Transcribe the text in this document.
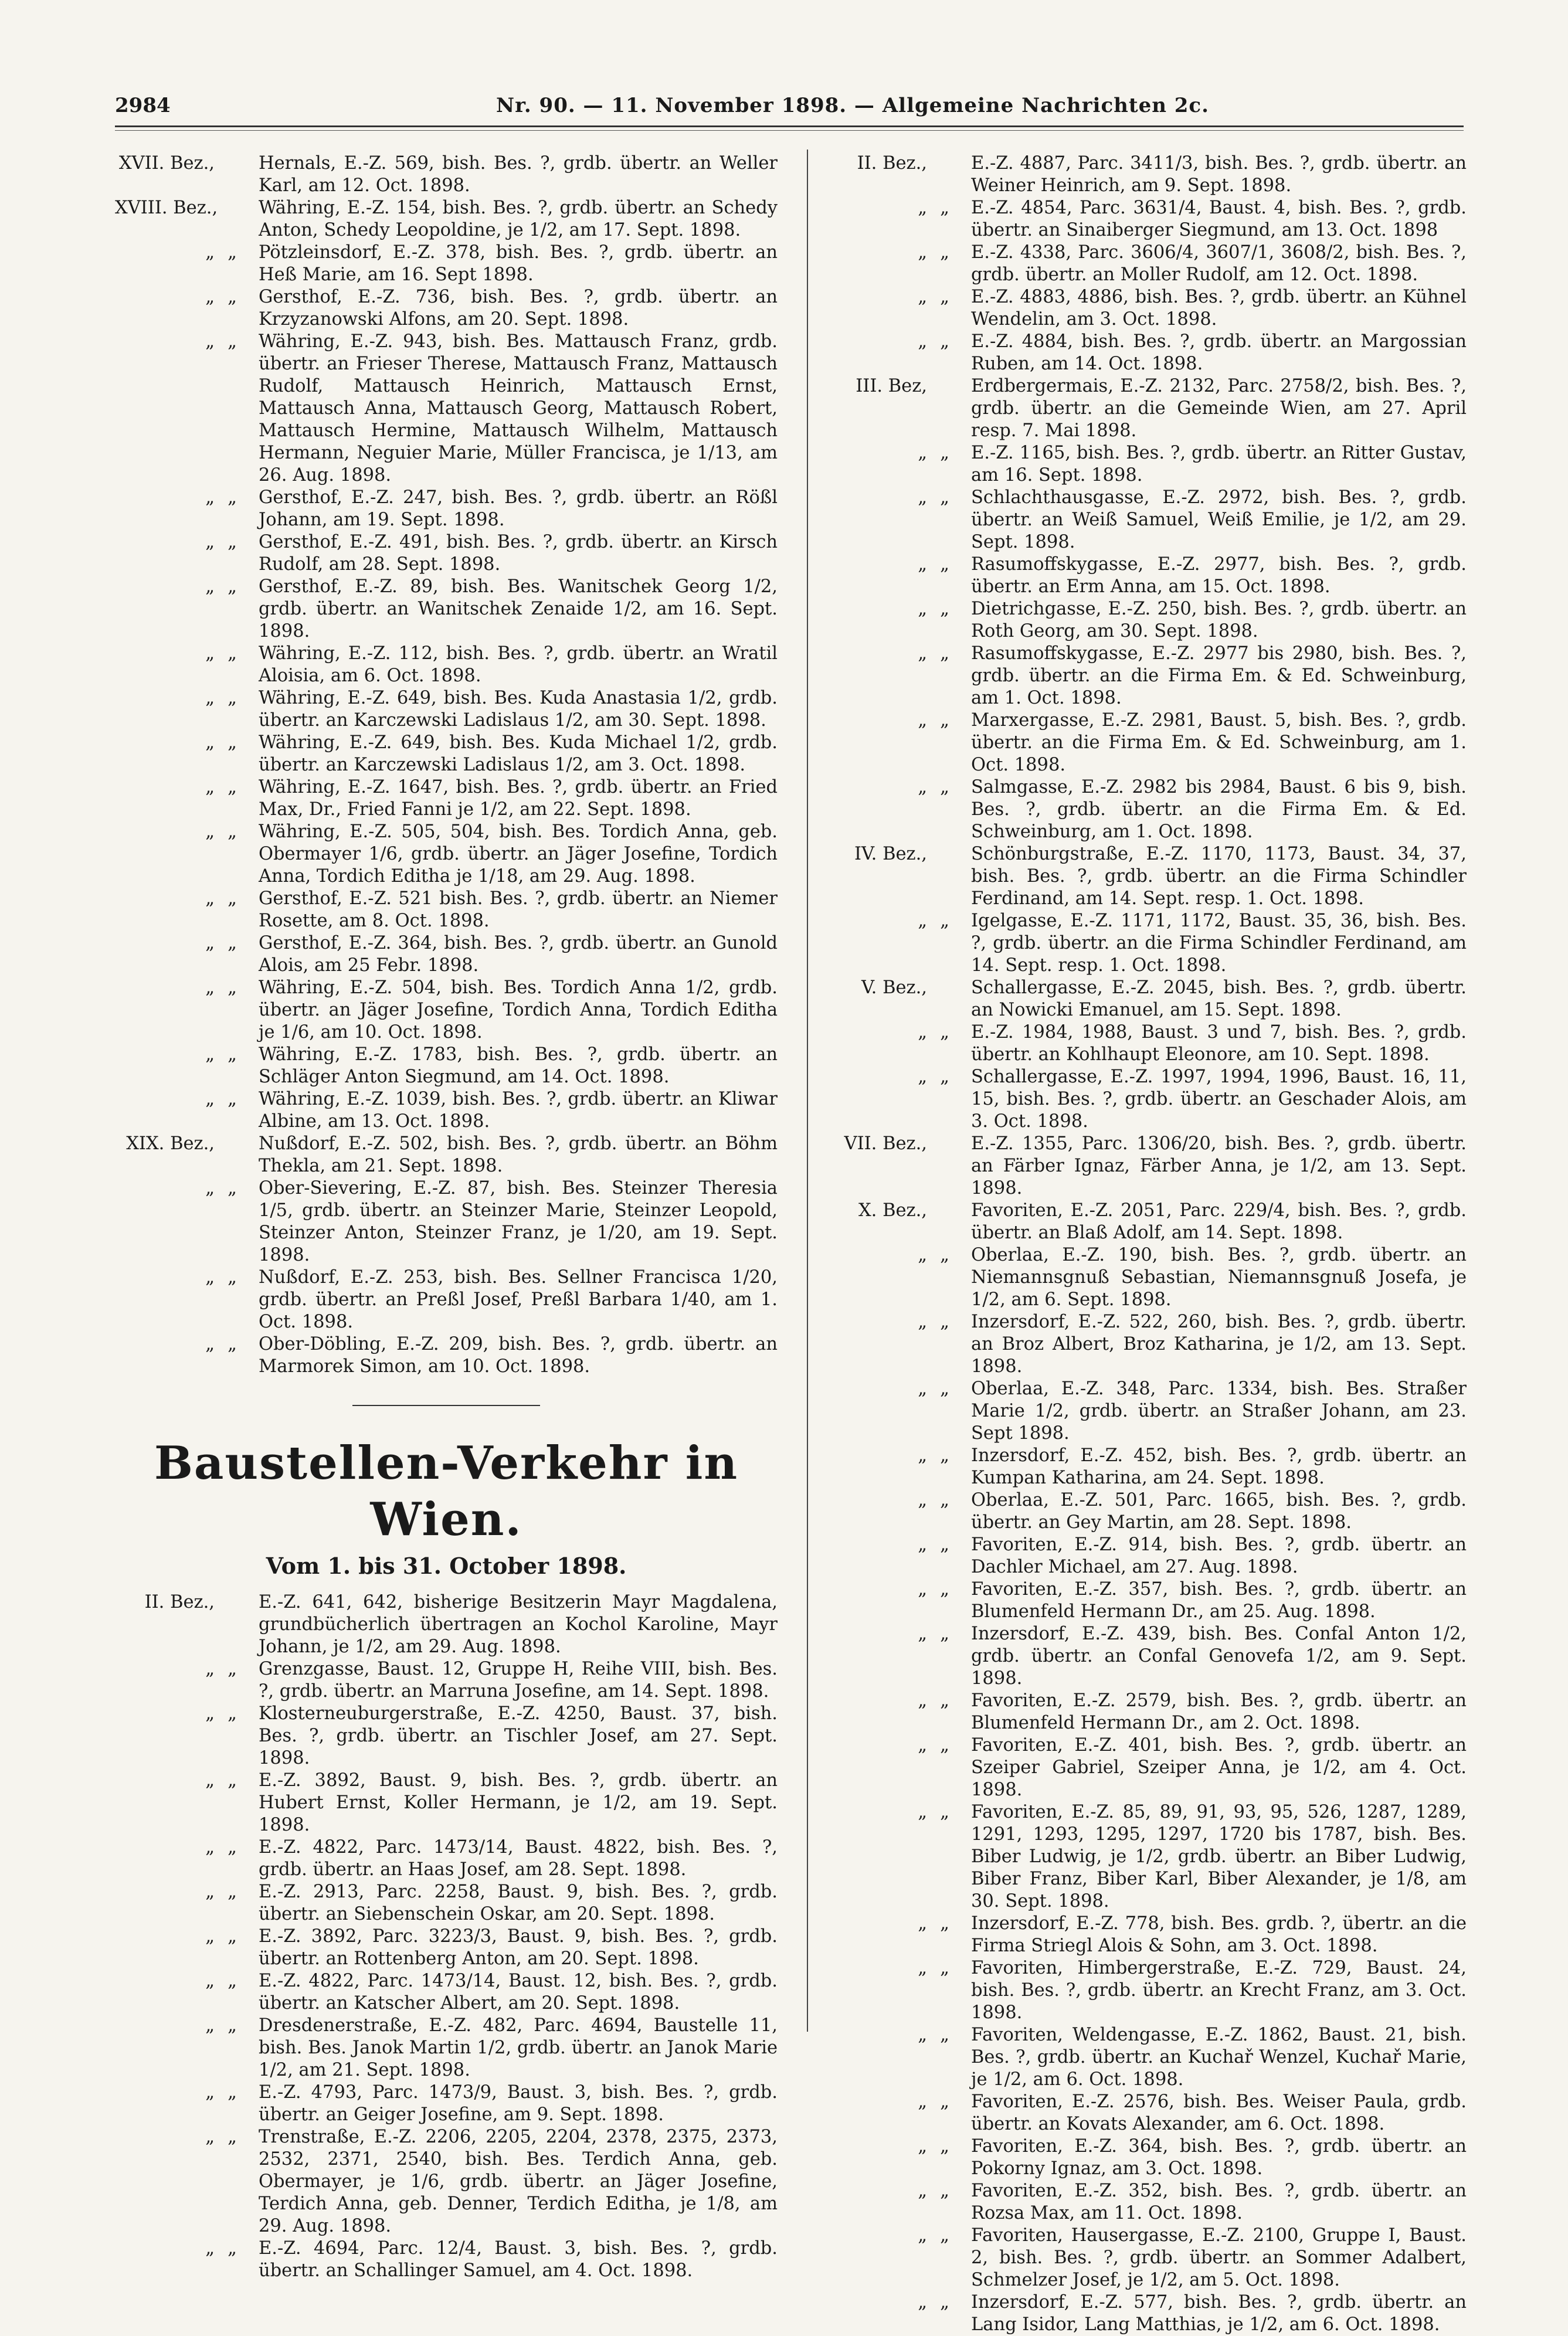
2984	Nr. 90. — 11. November 1898. — Allgemeine Nachrichten 2c.
XVII. Bez.,	Hernals, E.-Z. 569, bish. Bes. ?, grdb. übertr. an Weller Karl, am 12. Oct. 1898.
XVIII. Bez.,	Währing, E.-Z. 154, bish. Bes. ?, grdb. übertr. an Schedy Anton, Schedy Leopoldine, je 1/2, am 17. Sept. 1898.
„ „	Pötzleinsdorf, E.-Z. 378, bish. Bes. ?, grdb. übertr. an Heß Marie, am 16. Sept 1898.
„ „	Gersthof, E.-Z. 736, bish. Bes. ?, grdb. übertr. an Krzyzanowski Alfons, am 20. Sept. 1898.
„ „	Währing, E.-Z. 943, bish. Bes. Mattausch Franz, grdb. übertr. an Frieser Therese, Mattausch Franz, Mattausch Rudolf, Mattausch Heinrich, Mattausch Ernst, Mattausch Anna, Mattausch Georg, Mattausch Robert, Mattausch Hermine, Mattausch Wilhelm, Mattausch Hermann, Neguier Marie, Müller Francisca, je 1/13, am 26. Aug. 1898.
„ „	Gersthof, E.-Z. 247, bish. Bes. ?, grdb. übertr. an Rößl Johann, am 19. Sept. 1898.
„ „	Gersthof, E.-Z. 491, bish. Bes. ?, grdb. übertr. an Kirsch Rudolf, am 28. Sept. 1898.
„ „	Gersthof, E.-Z. 89, bish. Bes. Wanitschek Georg 1/2, grdb. übertr. an Wanitschek Zenaide 1/2, am 16. Sept. 1898.
„ „	Währing, E.-Z. 112, bish. Bes. ?, grdb. übertr. an Wratil Aloisia, am 6. Oct. 1898.
„ „	Währing, E.-Z. 649, bish. Bes. Kuda Anastasia 1/2, grdb. übertr. an Karczewski Ladislaus 1/2, am 30. Sept. 1898.
„ „	Währing, E.-Z. 649, bish. Bes. Kuda Michael 1/2, grdb. übertr. an Karczewski Ladislaus 1/2, am 3. Oct. 1898.
„ „	Währing, E.-Z. 1647, bish. Bes. ?, grdb. übertr. an Fried Max, Dr., Fried Fanni je 1/2, am 22. Sept. 1898.
„ „	Währing, E.-Z. 505, 504, bish. Bes. Tordich Anna, geb. Obermayer 1/6, grdb. übertr. an Jäger Josefine, Tordich Anna, Tordich Editha je 1/18, am 29. Aug. 1898.
„ „	Gersthof, E.-Z. 521 bish. Bes. ?, grdb. übertr. an Niemer Rosette, am 8. Oct. 1898.
„ „	Gersthof, E.-Z. 364, bish. Bes. ?, grdb. übertr. an Gunold Alois, am 25 Febr. 1898.
„ „	Währing, E.-Z. 504, bish. Bes. Tordich Anna 1/2, grdb. übertr. an Jäger Josefine, Tordich Anna, Tordich Editha je 1/6, am 10. Oct. 1898.
„ „	Währing, E.-Z. 1783, bish. Bes. ?, grdb. übertr. an Schläger Anton Siegmund, am 14. Oct. 1898.
„ „	Währing, E.-Z. 1039, bish. Bes. ?, grdb. übertr. an Kliwar Albine, am 13. Oct. 1898.
XIX. Bez.,	Nußdorf, E.-Z. 502, bish. Bes. ?, grdb. übertr. an Böhm Thekla, am 21. Sept. 1898.
„ „	Ober-Sievering, E.-Z. 87, bish. Bes. Steinzer Theresia 1/5, grdb. übertr. an Steinzer Marie, Steinzer Leopold, Steinzer Anton, Steinzer Franz, je 1/20, am 19. Sept. 1898.
„ „	Nußdorf, E.-Z. 253, bish. Bes. Sellner Francisca 1/20, grdb. übertr. an Preßl Josef, Preßl Barbara 1/40, am 1. Oct. 1898.
„ „	Ober-Döbling, E.-Z. 209, bish. Bes. ?, grdb. übertr. an Marmorek Simon, am 10. Oct. 1898.
Baustellen-Verkehr in Wien.
Vom 1. bis 31. October 1898.
II. Bez.,	E.-Z. 641, 642, bisherige Besitzerin Mayr Magdalena, grundbücherlich übertragen an Kochol Karoline, Mayr Johann, je 1/2, am 29. Aug. 1898.
„ „	Grenzgasse, Baust. 12, Gruppe H, Reihe VIII, bish. Bes. ?, grdb. übertr. an Marruna Josefine, am 14. Sept. 1898.
„ „	Klosterneuburgerstraße, E.-Z. 4250, Baust. 37, bish. Bes. ?, grdb. übertr. an Tischler Josef, am 27. Sept. 1898.
„ „	E.-Z. 3892, Baust. 9, bish. Bes. ?, grdb. übertr. an Hubert Ernst, Koller Hermann, je 1/2, am 19. Sept. 1898.
„ „	E.-Z. 4822, Parc. 1473/14, Baust. 4822, bish. Bes. ?, grdb. übertr. an Haas Josef, am 28. Sept. 1898.
„ „	E.-Z. 2913, Parc. 2258, Baust. 9, bish. Bes. ?, grdb. übertr. an Siebenschein Oskar, am 20. Sept. 1898.
„ „	E.-Z. 3892, Parc. 3223/3, Baust. 9, bish. Bes. ?, grdb. übertr. an Rottenberg Anton, am 20. Sept. 1898.
„ „	E.-Z. 4822, Parc. 1473/14, Baust. 12, bish. Bes. ?, grdb. übertr. an Katscher Albert, am 20. Sept. 1898.
„ „	Dresdenerstraße, E.-Z. 482, Parc. 4694, Baustelle 11, bish. Bes. Janok Martin 1/2, grdb. übertr. an Janok Marie 1/2, am 21. Sept. 1898.
„ „	E.-Z. 4793, Parc. 1473/9, Baust. 3, bish. Bes. ?, grdb. übertr. an Geiger Josefine, am 9. Sept. 1898.
„ „	Trenstraße, E.-Z. 2206, 2205, 2204, 2378, 2375, 2373, 2532, 2371, 2540, bish. Bes. Terdich Anna, geb. Obermayer, je 1/6, grdb. übertr. an Jäger Josefine, Terdich Anna, geb. Denner, Terdich Editha, je 1/8, am 29. Aug. 1898.
„ „	E.-Z. 4694, Parc. 12/4, Baust. 3, bish. Bes. ?, grdb. übertr. an Schallinger Samuel, am 4. Oct. 1898.
II. Bez.,	E.-Z. 4887, Parc. 3411/3, bish. Bes. ?, grdb. übertr. an Weiner Heinrich, am 9. Sept. 1898.
„ „	E.-Z. 4854, Parc. 3631/4, Baust. 4, bish. Bes. ?, grdb. übertr. an Sinaiberger Siegmund, am 13. Oct. 1898
„ „	E.-Z. 4338, Parc. 3606/4, 3607/1, 3608/2, bish. Bes. ?, grdb. übertr. an Moller Rudolf, am 12. Oct. 1898.
„ „	E.-Z. 4883, 4886, bish. Bes. ?, grdb. übertr. an Kühnel Wendelin, am 3. Oct. 1898.
„ „	E.-Z. 4884, bish. Bes. ?, grdb. übertr. an Margossian Ruben, am 14. Oct. 1898.
III. Bez,	Erdbergermais, E.-Z. 2132, Parc. 2758/2, bish. Bes. ?, grdb. übertr. an die Gemeinde Wien, am 27. April resp. 7. Mai 1898.
„ „	E.-Z. 1165, bish. Bes. ?, grdb. übertr. an Ritter Gustav, am 16. Sept. 1898.
„ „	Schlachthausgasse, E.-Z. 2972, bish. Bes. ?, grdb. übertr. an Weiß Samuel, Weiß Emilie, je 1/2, am 29. Sept. 1898.
„ „	Rasumoffskygasse, E.-Z. 2977, bish. Bes. ?, grdb. übertr. an Erm Anna, am 15. Oct. 1898.
„ „	Dietrichgasse, E.-Z. 250, bish. Bes. ?, grdb. übertr. an Roth Georg, am 30. Sept. 1898.
„ „	Rasumoffskygasse, E.-Z. 2977 bis 2980, bish. Bes. ?, grdb. übertr. an die Firma Em. & Ed. Schweinburg, am 1. Oct. 1898.
„ „	Marxergasse, E.-Z. 2981, Baust. 5, bish. Bes. ?, grdb. übertr. an die Firma Em. & Ed. Schweinburg, am 1. Oct. 1898.
„ „	Salmgasse, E.-Z. 2982 bis 2984, Baust. 6 bis 9, bish. Bes. ?, grdb. übertr. an die Firma Em. & Ed. Schweinburg, am 1. Oct. 1898.
IV. Bez.,	Schönburgstraße, E.-Z. 1170, 1173, Baust. 34, 37, bish. Bes. ?, grdb. übertr. an die Firma Schindler Ferdinand, am 14. Sept. resp. 1. Oct. 1898.
„ „	Igelgasse, E.-Z. 1171, 1172, Baust. 35, 36, bish. Bes. ?, grdb. übertr. an die Firma Schindler Ferdinand, am 14. Sept. resp. 1. Oct. 1898.
V. Bez.,	Schallergasse, E.-Z. 2045, bish. Bes. ?, grdb. übertr. an Nowicki Emanuel, am 15. Sept. 1898.
„ „	E.-Z. 1984, 1988, Baust. 3 und 7, bish. Bes. ?, grdb. übertr. an Kohlhaupt Eleonore, am 10. Sept. 1898.
„ „	Schallergasse, E.-Z. 1997, 1994, 1996, Baust. 16, 11, 15, bish. Bes. ?, grdb. übertr. an Geschader Alois, am 3. Oct. 1898.
VII. Bez.,	E.-Z. 1355, Parc. 1306/20, bish. Bes. ?, grdb. übertr. an Färber Ignaz, Färber Anna, je 1/2, am 13. Sept. 1898.
X. Bez.,	Favoriten, E.-Z. 2051, Parc. 229/4, bish. Bes. ?, grdb. übertr. an Blaß Adolf, am 14. Sept. 1898.
„ „	Oberlaa, E.-Z. 190, bish. Bes. ?, grdb. übertr. an Niemannsgnuß Sebastian, Niemannsgnuß Josefa, je 1/2, am 6. Sept. 1898.
„ „	Inzersdorf, E.-Z. 522, 260, bish. Bes. ?, grdb. übertr. an Broz Albert, Broz Katharina, je 1/2, am 13. Sept. 1898.
„ „	Oberlaa, E.-Z. 348, Parc. 1334, bish. Bes. Straßer Marie 1/2, grdb. übertr. an Straßer Johann, am 23. Sept 1898.
„ „	Inzersdorf, E.-Z. 452, bish. Bes. ?, grdb. übertr. an Kumpan Katharina, am 24. Sept. 1898.
„ „	Oberlaa, E.-Z. 501, Parc. 1665, bish. Bes. ?, grdb. übertr. an Gey Martin, am 28. Sept. 1898.
„ „	Favoriten, E.-Z. 914, bish. Bes. ?, grdb. übertr. an Dachler Michael, am 27. Aug. 1898.
„ „	Favoriten, E.-Z. 357, bish. Bes. ?, grdb. übertr. an Blumenfeld Hermann Dr., am 25. Aug. 1898.
„ „	Inzersdorf, E.-Z. 439, bish. Bes. Confal Anton 1/2, grdb. übertr. an Confal Genovefa 1/2, am 9. Sept. 1898.
„ „	Favoriten, E.-Z. 2579, bish. Bes. ?, grdb. übertr. an Blumenfeld Hermann Dr., am 2. Oct. 1898.
„ „	Favoriten, E.-Z. 401, bish. Bes. ?, grdb. übertr. an Szeiper Gabriel, Szeiper Anna, je 1/2, am 4. Oct. 1898.
„ „	Favoriten, E.-Z. 85, 89, 91, 93, 95, 526, 1287, 1289, 1291, 1293, 1295, 1297, 1720 bis 1787, bish. Bes. Biber Ludwig, je 1/2, grdb. übertr. an Biber Ludwig, Biber Franz, Biber Karl, Biber Alexander, je 1/8, am 30. Sept. 1898.
„ „	Inzersdorf, E.-Z. 778, bish. Bes. grdb. ?, übertr. an die Firma Striegl Alois & Sohn, am 3. Oct. 1898.
„ „	Favoriten, Himbergerstraße, E.-Z. 729, Baust. 24, bish. Bes. ?, grdb. übertr. an Krecht Franz, am 3. Oct. 1898.
„ „	Favoriten, Weldengasse, E.-Z. 1862, Baust. 21, bish. Bes. ?, grdb. übertr. an Kuchař Wenzel, Kuchař Marie, je 1/2, am 6. Oct. 1898.
„ „	Favoriten, E.-Z. 2576, bish. Bes. Weiser Paula, grdb. übertr. an Kovats Alexander, am 6. Oct. 1898.
„ „	Favoriten, E.-Z. 364, bish. Bes. ?, grdb. übertr. an Pokorny Ignaz, am 3. Oct. 1898.
„ „	Favoriten, E.-Z. 352, bish. Bes. ?, grdb. übertr. an Rozsa Max, am 11. Oct. 1898.
„ „	Favoriten, Hausergasse, E.-Z. 2100, Gruppe I, Baust. 2, bish. Bes. ?, grdb. übertr. an Sommer Adalbert, Schmelzer Josef, je 1/2, am 5. Oct. 1898.
„ „	Inzersdorf, E.-Z. 577, bish. Bes. ?, grdb. übertr. an Lang Isidor, Lang Matthias, je 1/2, am 6. Oct. 1898.
